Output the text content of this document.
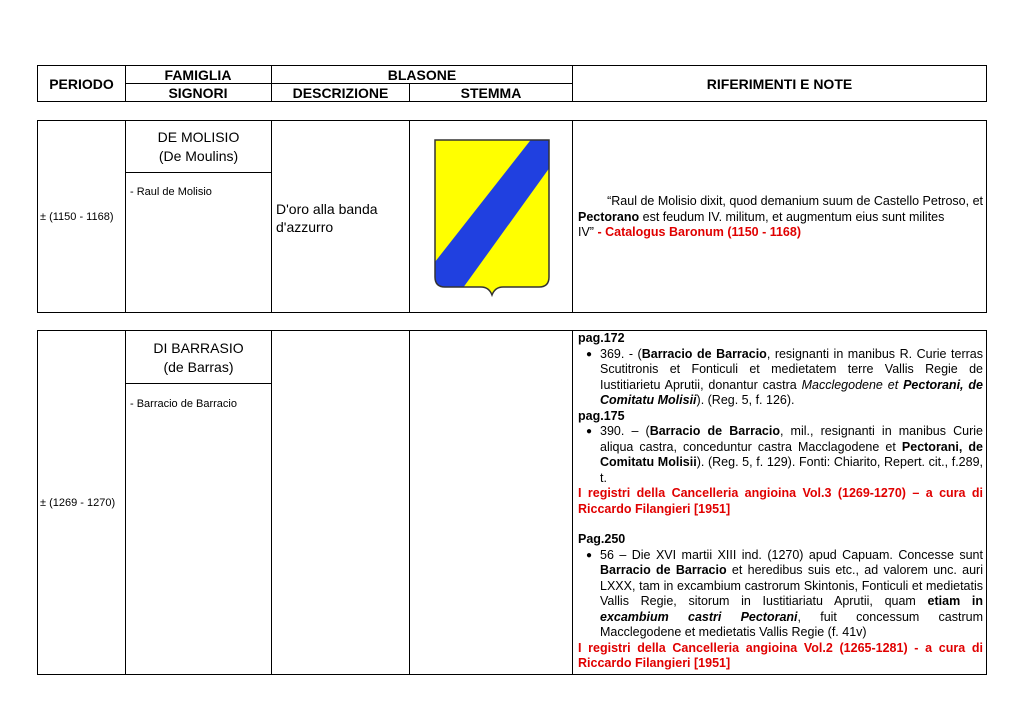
PERIODO
FAMIGLIA
SIGNORI
BLASONE
DESCRIZIONE	STEMMA
RIFERIMENTI E NOTE
± (1150 - 1168)
DE MOLISIO
(De Moulins)
- Raul de Molisio
D'oro alla banda
d'azzurro
“Raul de Molisio dixit, quod demanium suum de Castello Petroso, et
Pectorano est feudum IV. militum, et augmentum eius sunt milites
IV” - Catalogus Baronum (1150 - 1168)
± (1269 - 1270)
DI BARRASIO
(de Barras)
- Barracio de Barracio
pag.172
● 369. - (Barracio de Barracio, resignanti in manibus R. Curie terras Scutitronis et Fonticuli et medietatem terre Vallis Regie de Iustitiarietu Aprutii, donantur castra Macclegodene et Pectorani, de Comitatu Molisii). (Reg. 5, f. 126).
pag.175
● 390. – (Barracio de Barracio, mil., resignanti in manibus Curie aliqua castra, conceduntur castra Macclagodene et Pectorani, de Comitatu Molisii). (Reg. 5, f. 129). Fonti: Chiarito, Repert. cit., f.289, t.
I registri della Cancelleria angioina Vol.3 (1269-1270) – a cura di Riccardo Filangieri [1951]
Pag.250
● 56 – Die XVI martii XIII ind. (1270) apud Capuam. Concesse sunt Barracio de Barracio et heredibus suis etc., ad valorem unc. auri LXXX, tam in excambium castrorum Skintonis, Fonticuli et medietatis Vallis Regie, sitorum in Iustitiariatu Aprutii, quam etiam in excambium castri Pectorani, fuit concessum castrum Macclegodene et medietatis Vallis Regie (f. 41v)
I registri della Cancelleria angioina Vol.2 (1265-1281) - a cura di Riccardo Filangieri [1951]
